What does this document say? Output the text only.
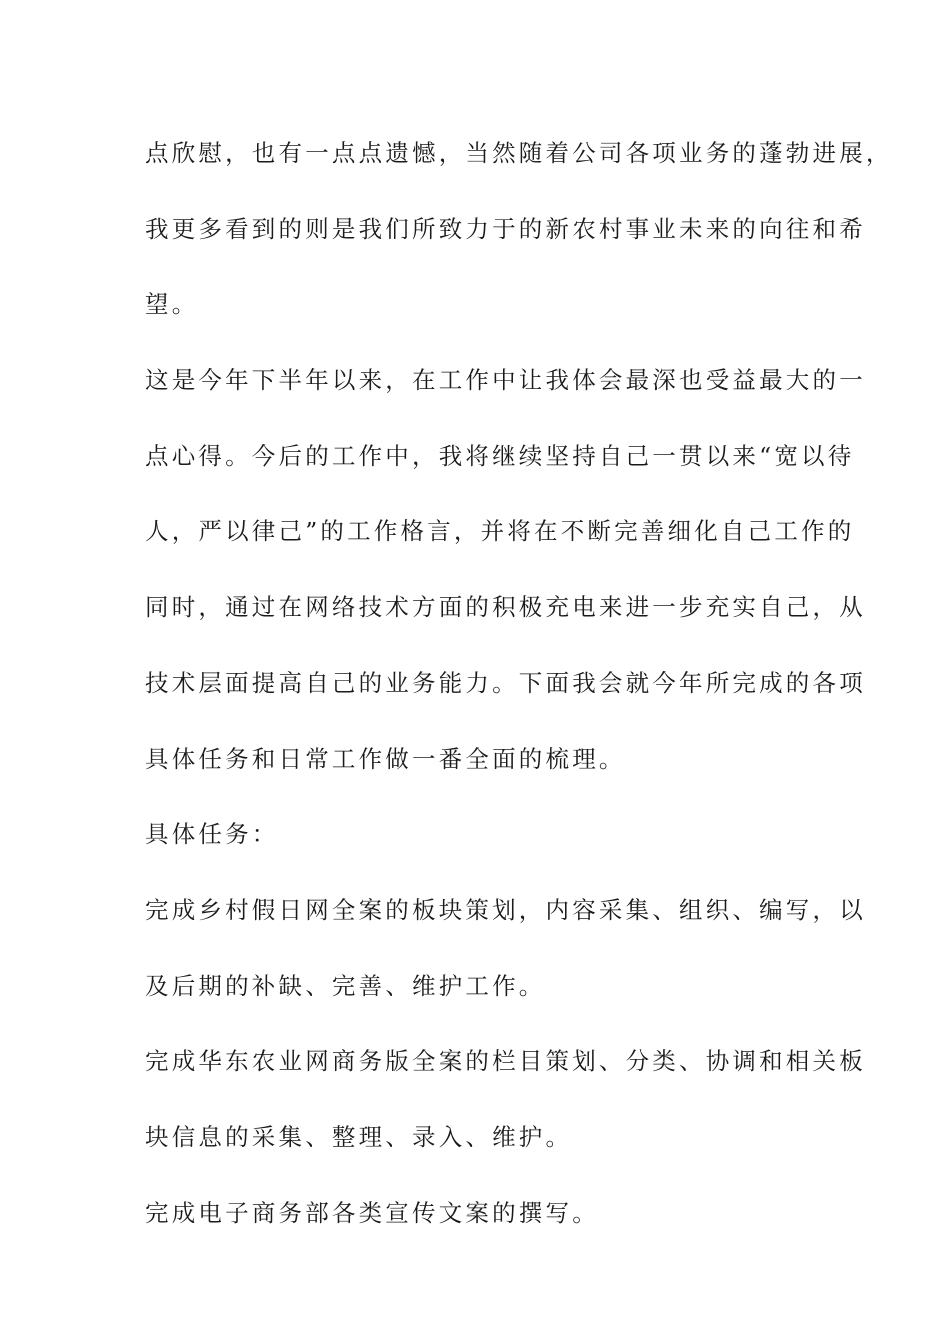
点欣慰，也有一点点遗憾，当然随着公司各项业务的蓬勃进展，
我更多看到的则是我们所致力于的新农村事业未来的向往和希
望。
这是今年下半年以来，在工作中让我体会最深也受益最大的一
点心得。今后的工作中，我将继续坚持自己一贯以来“宽以待
人，严以律己”的工作格言，并将在不断完善细化自己工作的
同时，通过在网络技术方面的积极充电来进一步充实自己，从
技术层面提高自己的业务能力。下面我会就今年所完成的各项
具体任务和日常工作做一番全面的梳理。
具体任务：
完成乡村假日网全案的板块策划，内容采集、组织、编写，以
及后期的补缺、完善、维护工作。
完成华东农业网商务版全案的栏目策划、分类、协调和相关板
块信息的采集、整理、录入、维护。
完成电子商务部各类宣传文案的撰写。
